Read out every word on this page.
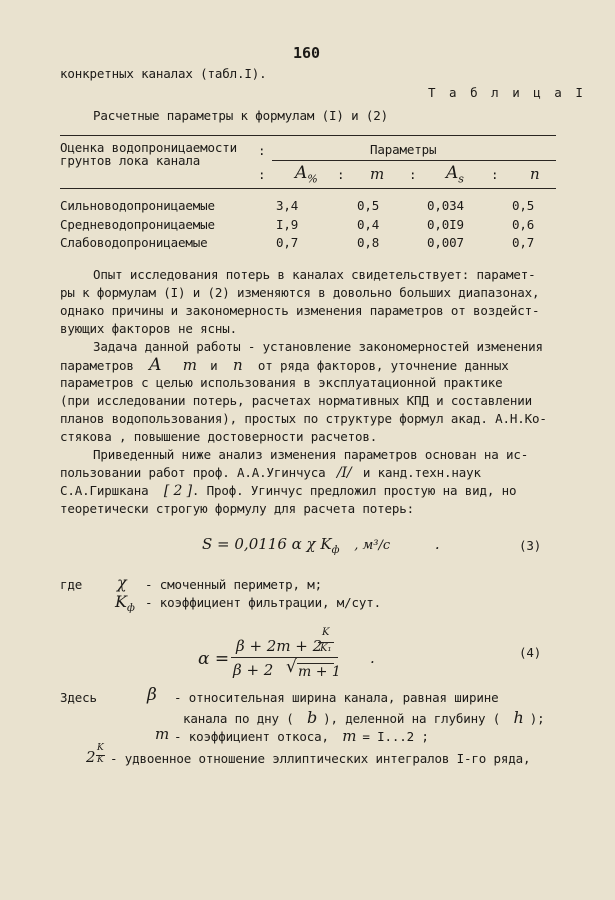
160
конкретных каналах (табл.I).
Т а б л и ц а I
Расчетные параметры к формулам (I) и (2)
Оценка водопроницаемости
грунтов лока канала
:	Параметры
: $A_{\%}$ : m : $A_s$ : n
Сильноводопроницаемые	3,4	0,5	0,034	0,5
Средневодопроницаемые	I,9	0,4	0,0I9	0,6
Слабоводопроницаемые	0,7	0,8	0,007	0,7
Опыт исследования потерь в каналах свидетельствует: парамет-
ры к формулам (I) и (2) изменяются в довольно больших диапазонах,
однако причины и закономерность изменения параметров от воздейст-
вующих факторов не ясны.
Задача данной работы - установление закономерностей изменения
параметров A m и n от ряда факторов, уточнение данных
параметров с целью использования в эксплуатационной практике
(при исследовании потерь, расчетах нормативных КПД и составлении
планов водопользования), простых по структуре формул акад. А.Н.Ко-
стякова , повышение достоверности расчетов.
Приведенный ниже анализ изменения параметров основан на ис-
пользовании работ проф. А.А.Угинчуса /I/ и канд.техн.наук
С.А.Гиршкана [ 2 ]. Проф. Угинчус предложил простую на вид, но
теоретически строгую формулу для расчета потерь:
S = 0,0116 α χ $K_ф$ , м³/с	.	(3)
где χ - смоченный периметр, м;
$K_ф$ - коэффициент фильтрации, м/сут.
α =
β + 2m + 2
K
K₁
β + 2 √ m + 1
.	(4)
Здесь	β - относительная ширина канала, равная ширине
канала по дну ( b ), деленной на глубину ( h );
m - коэффициент откоса, m = I...2 ;
2 K
K - удвоенное отношение эллиптических интегралов I-го ряда,
